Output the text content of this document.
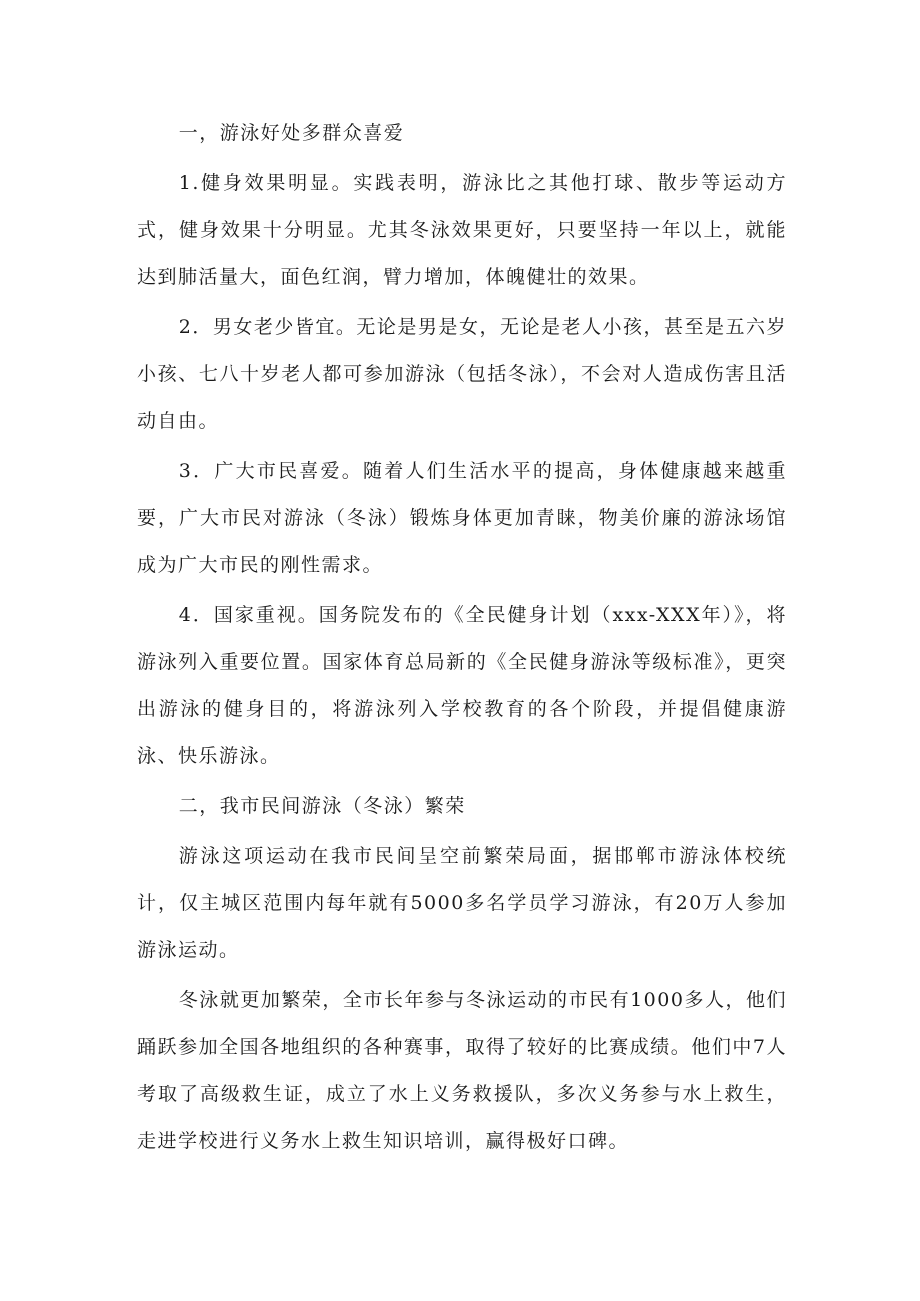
一，游泳好处多群众喜爱

1.健身效果明显。实践表明，游泳比之其他打球、散步等运动方式，健身效果十分明显。尤其冬泳效果更好，只要坚持一年以上，就能达到肺活量大，面色红润，臂力增加，体魄健壮的效果。

2．男女老少皆宜。无论是男是女，无论是老人小孩，甚至是五六岁小孩、七八十岁老人都可参加游泳（包括冬泳），不会对人造成伤害且活动自由。

3．广大市民喜爱。随着人们生活水平的提高，身体健康越来越重要，广大市民对游泳（冬泳）锻炼身体更加青睐，物美价廉的游泳场馆成为广大市民的刚性需求。

4．国家重视。国务院发布的《全民健身计划（xxx-XXX年）》，将游泳列入重要位置。国家体育总局新的《全民健身游泳等级标准》，更突出游泳的健身目的，将游泳列入学校教育的各个阶段，并提倡健康游泳、快乐游泳。

二，我市民间游泳（冬泳）繁荣

游泳这项运动在我市民间呈空前繁荣局面，据邯郸市游泳体校统计，仅主城区范围内每年就有5000多名学员学习游泳，有20万人参加游泳运动。

冬泳就更加繁荣，全市长年参与冬泳运动的市民有1000多人，他们踊跃参加全国各地组织的各种赛事，取得了较好的比赛成绩。他们中7人考取了高级救生证，成立了水上义务救援队，多次义务参与水上救生，走进学校进行义务水上救生知识培训，赢得极好口碑。
